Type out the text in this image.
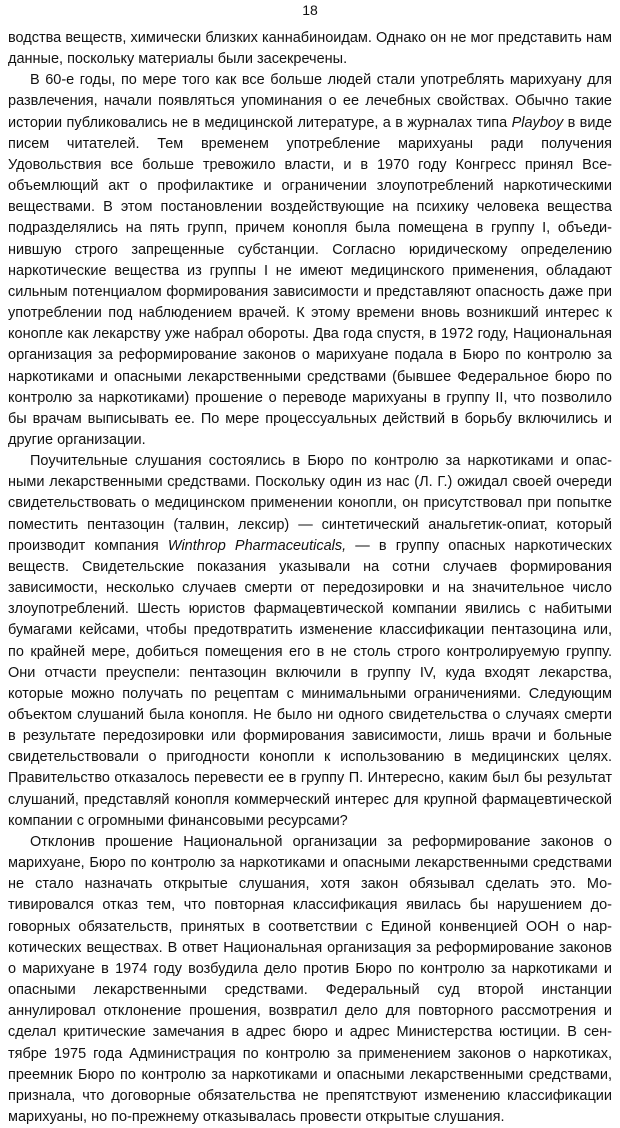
18

водства веществ, химически близких каннабиноидам. Однако он не мог представить нам данные, поскольку материалы были засекречены.

В 60-е годы, по мере того как все больше людей стали употреблять марихуану для развлечения, начали появляться упоминания о ее лечебных свойствах. Обычно такие истории публиковались не в медицинской литературе, а в журналах типа Playboy в виде писем читателей. Тем временем употребление марихуаны ради получения Удовольствия все больше тревожило власти, и в 1970 году Конгресс принял Всеобъемлющий акт о профилактике и ограничении злоупотреблений наркотическими веществами. В этом постановлении воздействующие на психику человека вещества подразделялись на пять групп, причем конопля была помещена в группу I, объединившую строго запрещенные субстанции. Согласно юридическому определению наркотические вещества из группы I не имеют медицинского применения, обладают сильным потенциалом формирования зависимости и представляют опасность даже при употреблении под наблюдением врачей. К этому времени вновь возникший интерес к конопле как лекарству уже набрал обороты. Два года спустя, в 1972 году, Национальная организация за реформирование законов о марихуане подала в Бюро по контролю за наркотиками и опасными лекарственными средствами (бывшее Федеральное бюро по контролю за наркотиками) прошение о переводе марихуаны в группу II, что позволило бы врачам выписывать ее. По мере процессуальных действий в борьбу включились и другие организации.

Поучительные слушания состоялись в Бюро по контролю за наркотиками и опасными лекарственными средствами. Поскольку один из нас (Л. Г.) ожидал своей очереди свидетельствовать о медицинском применении конопли, он присутствовал при попытке поместить пентазоцин (талвин, лексир) — синтетический анальгетик-опиат, который производит компания Winthrop Pharmaceuticals, — в группу опасных наркотических веществ. Свидетельские показания указывали на сотни случаев формирования зависимости, несколько случаев смерти от передозировки и на значительное число злоупотреблений. Шесть юристов фармацевтической компании явились с набитыми бумагами кейсами, чтобы предотвратить изменение классификации пентазоцина или, по крайней мере, добиться помещения его в не столь строго контролируемую группу. Они отчасти преуспели: пентазоцин включили в группу IV, куда входят лекарства, которые можно получать по рецептам с минимальными ограничениями. Следующим объектом слушаний была конопля. Не было ни одного свидетельства о случаях смерти в результате передозировки или формирования зависимости, лишь врачи и больные свидетельствовали о пригодности конопли к использованию в медицинских целях. Правительство отказалось перевести ее в группу П. Интересно, каким был бы результат слушаний, представляй конопля коммерческий интерес для крупной фармацевтической компании с огромными финансовыми ресурсами?

Отклонив прошение Национальной организации за реформирование законов о марихуане, Бюро по контролю за наркотиками и опасными лекарственными средствами не стало назначать открытые слушания, хотя закон обязывал сделать это. Мотивировался отказ тем, что повторная классификация явилась бы нарушением договорных обязательств, принятых в соответствии с Единой конвенцией ООН о наркотических веществах. В ответ Национальная организация за реформирование законов о марихуане в 1974 году возбудила дело против Бюро по контролю за наркотиками и опасными лекарственными средствами. Федеральный суд второй инстанции аннулировал отклонение прошения, возвратил дело для повторного рассмотрения и сделал критические замечания в адрес бюро и адрес Министерства юстиции. В сентябре 1975 года Администрация по контролю за применением законов о наркотиках, преемник Бюро по контролю за наркотиками и опасными лекарственными средствами, признала, что договорные обязательства не препятствуют изменению классификации марихуаны, но по-прежнему отказывалась провести открытые слушания.
